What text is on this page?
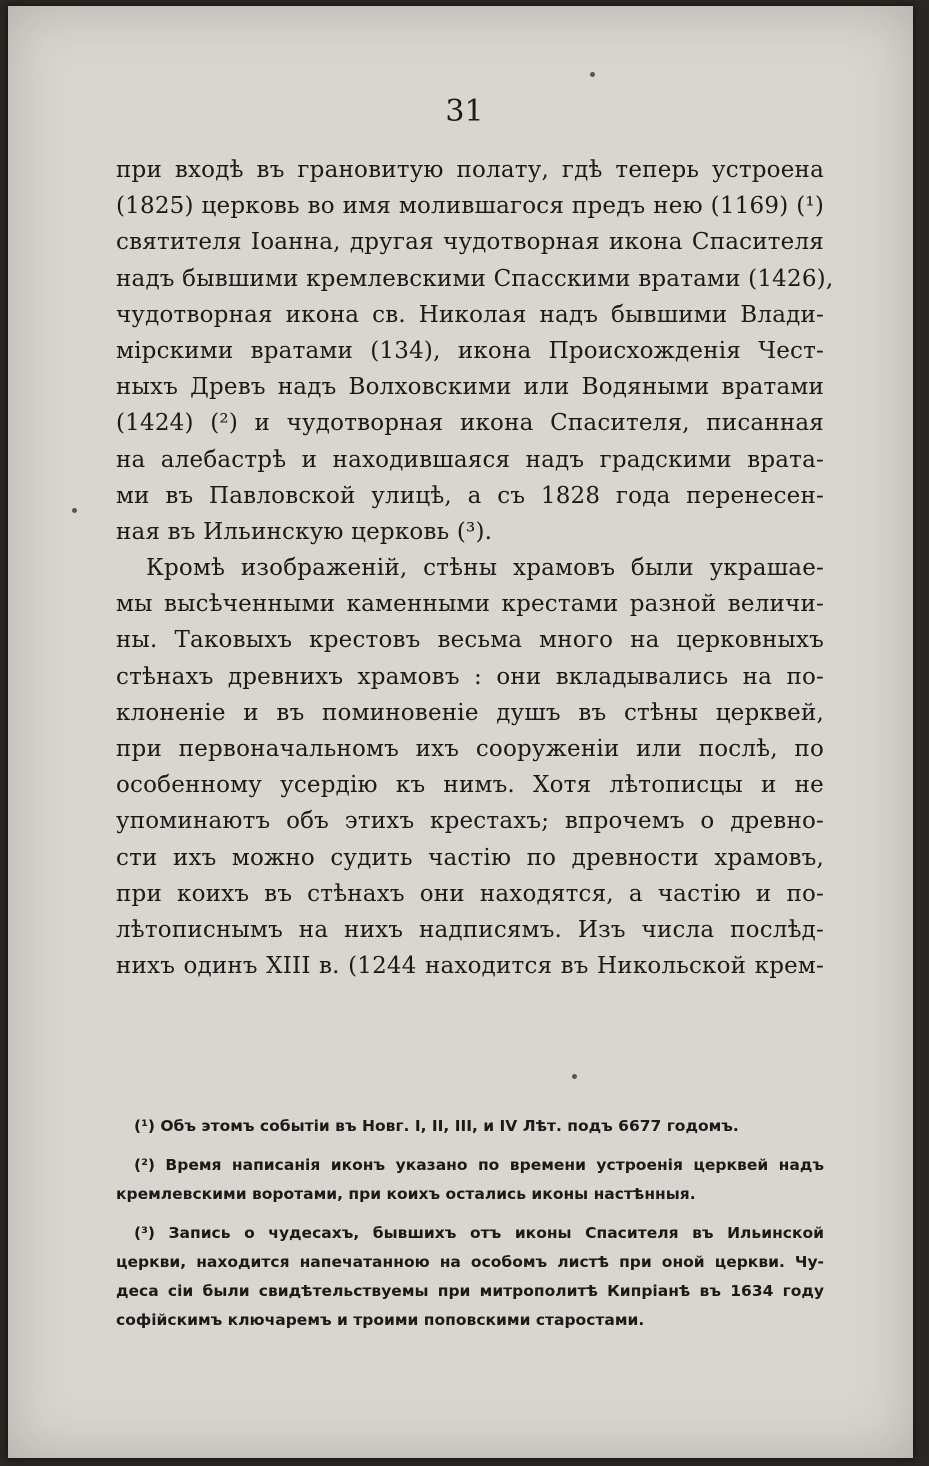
31
при входѣ въ грановитую полату, гдѣ теперь устроена
(1825) церковь во имя молившагося предъ нею (1169) (¹)
святителя Іоанна, другая чудотворная икона Спасителя
надъ бывшими кремлевскими Спасскими вратами (1426),
чудотворная икона св. Николая надъ бывшими Влади-
мірскими вратами (134), икона Происхожденія Чест-
ныхъ Древъ надъ Волховскими или Водяными вратами
(1424) (²) и чудотворная икона Спасителя, писанная
на алебастрѣ и находившаяся надъ градскими врата-
ми въ Павловской улицѣ, а съ 1828 года перенесен-
ная въ Ильинскую церковь (³).
Кромѣ изображеній, стѣны храмовъ были украшае-
мы высѣченными каменными крестами разной величи-
ны. Таковыхъ крестовъ весьма много на церковныхъ
стѣнахъ древнихъ храмовъ : они вкладывались на по-
клоненіе и въ поминовеніе душъ въ стѣны церквей,
при первоначальномъ ихъ сооруженіи или послѣ, по
особенному усердію къ нимъ. Хотя лѣтописцы и не
упоминаютъ объ этихъ крестахъ; впрочемъ о древно-
сти ихъ можно судить частію по древности храмовъ,
при коихъ въ стѣнахъ они находятся, а частію и по-
лѣтописнымъ на нихъ надписямъ. Изъ числа послѣд-
нихъ одинъ XIII в. (1244 находится въ Никольской крем-
(¹) Объ этомъ событіи въ Новг. I, II, III, и IV Лѣт. подъ 6677 годомъ.
(²) Время написанія иконъ указано по времени устроенія церквей надъ
кремлевскими воротами, при коихъ остались иконы настѣнныя.
(³) Запись о чудесахъ, бывшихъ отъ иконы Спасителя въ Ильинской
церкви, находится напечатанною на особомъ листѣ при оной церкви. Чу-
деса сіи были свидѣтельствуемы при митрополитѣ Кипріанѣ въ 1634 году
софійскимъ ключаремъ и троими поповскими старостами.
